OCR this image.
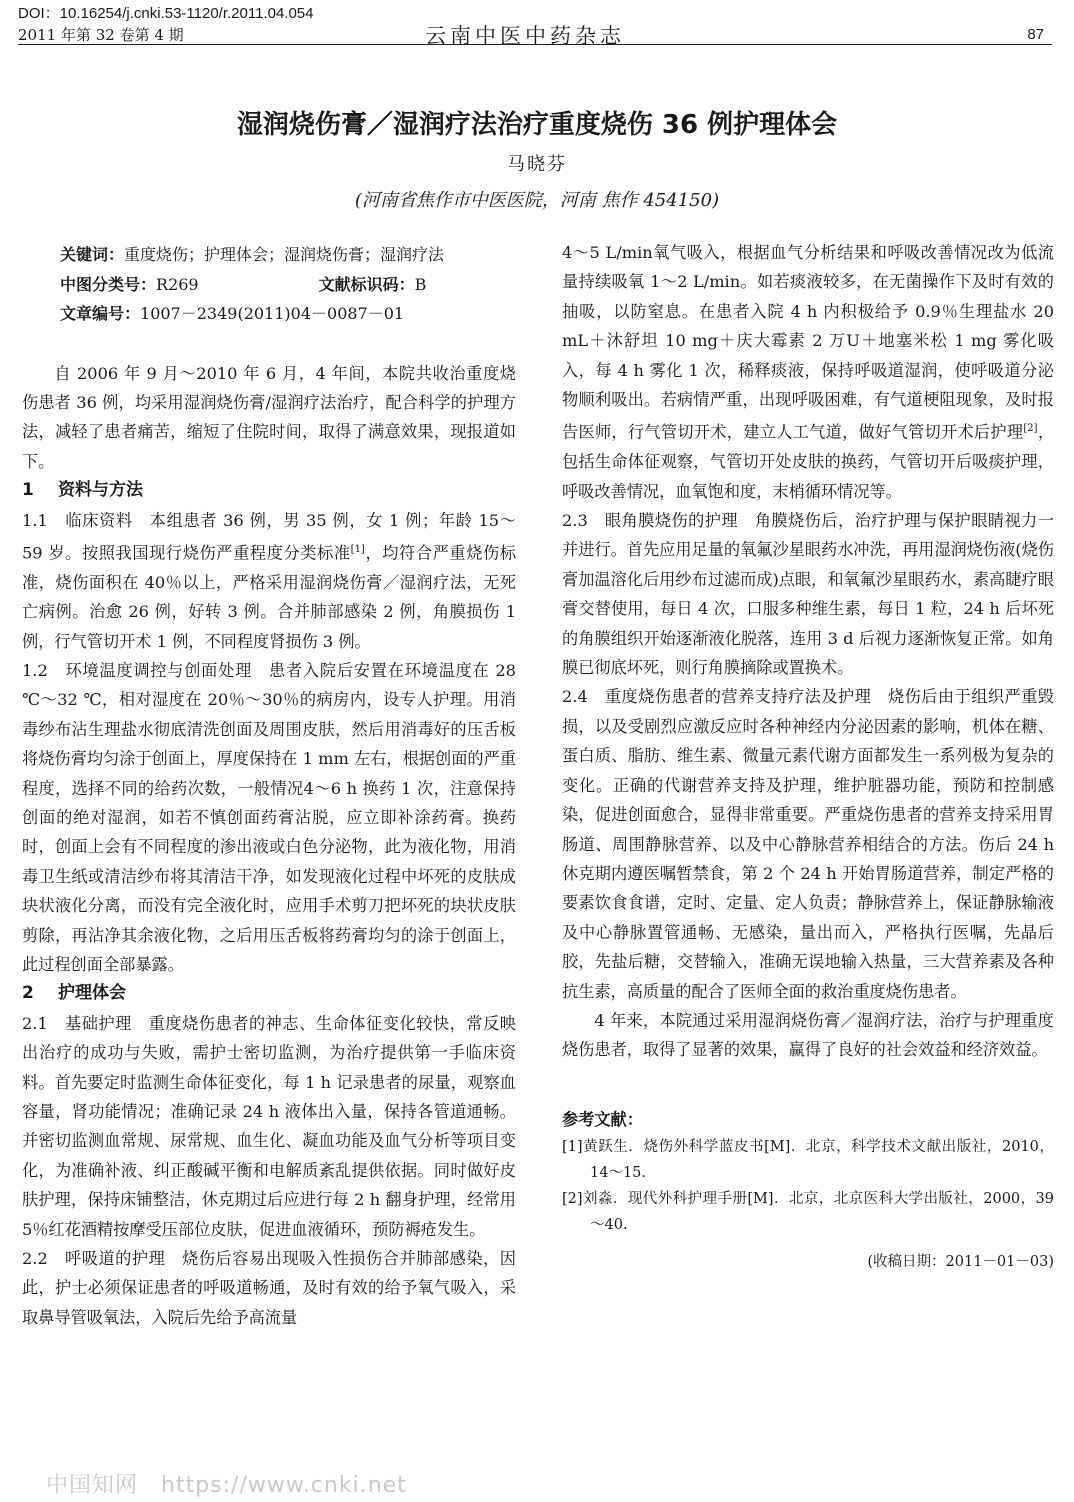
DOI：10.16254/j.cnki.53-1120/r.2011.04.054
2011 年第 32 卷第 4 期	云南中医中药杂志	87
湿润烧伤膏／湿润疗法治疗重度烧伤 36 例护理体会
马晓芬
(河南省焦作市中医医院，河南 焦作 454150)
关键词：重度烧伤；护理体会；湿润烧伤膏；湿润疗法
中图分类号：R269	文献标识码：B
文章编号：1007－2349(2011)04－0087－01

自 2006 年 9 月～2010 年 6 月，4 年间，本院共收治重度烧伤患者 36 例，均采用湿润烧伤膏/湿润疗法治疗，配合科学的护理方法，减轻了患者痛苦，缩短了住院时间，取得了满意效果，现报道如下。

1 资料与方法

1.1　临床资料　本组患者 36 例，男 35 例，女 1 例；年龄 15～59 岁。按照我国现行烧伤严重程度分类标准[1]，均符合严重烧伤标准，烧伤面积在 40％以上，严格采用湿润烧伤膏／湿润疗法，无死亡病例。治愈 26 例，好转 3 例。合并肺部感染 2 例，角膜损伤 1 例，行气管切开术 1 例，不同程度肾损伤 3 例。

1.2　环境温度调控与创面处理　患者入院后安置在环境温度在 28 ℃～32 ℃，相对湿度在 20％～30％的病房内，设专人护理。用消毒纱布沾生理盐水彻底清洗创面及周围皮肤，然后用消毒好的压舌板将烧伤膏均匀涂于创面上，厚度保持在 1 mm 左右，根据创面的严重程度，选择不同的给药次数，一般情况4～6 h 换药 1 次，注意保持创面的绝对湿润，如若不慎创面药膏沾脱，应立即补涂药膏。换药时，创面上会有不同程度的渗出液或白色分泌物，此为液化物，用消毒卫生纸或清洁纱布将其清洁干净，如发现液化过程中坏死的皮肤成块状液化分离，而没有完全液化时，应用手术剪刀把坏死的块状皮肤剪除，再沾净其余液化物，之后用压舌板将药膏均匀的涂于创面上，此过程创面全部暴露。

2 护理体会

2.1　基础护理　重度烧伤患者的神志、生命体征变化较快，常反映出治疗的成功与失败，需护士密切监测，为治疗提供第一手临床资料。首先要定时监测生命体征变化，每 1 h 记录患者的尿量，观察血容量，肾功能情况；准确记录 24 h 液体出入量，保持各管道通畅。并密切监测血常规、尿常规、血生化、凝血功能及血气分析等项目变化，为准确补液、纠正酸碱平衡和电解质紊乱提供依据。同时做好皮肤护理，保持床铺整洁，休克期过后应进行每 2 h 翻身护理，经常用 5％红花酒精按摩受压部位皮肤，促进血液循环，预防褥疮发生。

2.2　呼吸道的护理　烧伤后容易出现吸入性损伤合并肺部感染，因此，护士必须保证患者的呼吸道畅通，及时有效的给予氧气吸入，采取鼻导管吸氧法，入院后先给予高流量

4～5 L/min氧气吸入，根据血气分析结果和呼吸改善情况改为低流量持续吸氧 1～2 L/min。如若痰液较多，在无菌操作下及时有效的抽吸，以防窒息。在患者入院 4 h 内积极给予 0.9％生理盐水 20 mL＋沐舒坦 10 mg＋庆大霉素 2 万U＋地塞米松 1 mg 雾化吸入，每 4 h 雾化 1 次，稀释痰液，保持呼吸道湿润，使呼吸道分泌物顺利吸出。若病情严重，出现呼吸困难，有气道梗阻现象，及时报告医师，行气管切开术，建立人工气道，做好气管切开术后护理[2]，包括生命体征观察，气管切开处皮肤的换药，气管切开后吸痰护理，呼吸改善情况，血氧饱和度，末梢循环情况等。

2.3　眼角膜烧伤的护理　角膜烧伤后，治疗护理与保护眼睛视力一并进行。首先应用足量的氧氟沙星眼药水冲洗，再用湿润烧伤液(烧伤膏加温溶化后用纱布过滤而成)点眼，和氧氟沙星眼药水，素高睫疗眼膏交替使用，每日 4 次，口服多种维生素，每日 1 粒，24 h 后坏死的角膜组织开始逐渐液化脱落，连用 3 d 后视力逐渐恢复正常。如角膜已彻底坏死，则行角膜摘除或置换术。

2.4　重度烧伤患者的营养支持疗法及护理　烧伤后由于组织严重毁损，以及受剧烈应激反应时各种神经内分泌因素的影响，机体在糖、蛋白质、脂肪、维生素、微量元素代谢方面都发生一系列极为复杂的变化。正确的代谢营养支持及护理，维护脏器功能，预防和控制感染，促进创面愈合，显得非常重要。严重烧伤患者的营养支持采用胃肠道、周围静脉营养、以及中心静脉营养相结合的方法。伤后 24 h 休克期内遵医嘱暂禁食，第 2 个 24 h 开始胃肠道营养，制定严格的要素饮食食谱，定时、定量、定人负责；静脉营养上，保证静脉输液及中心静脉置管通畅、无感染，量出而入，严格执行医嘱，先晶后胶，先盐后糖，交替输入，准确无误地输入热量，三大营养素及各种抗生素，高质量的配合了医师全面的救治重度烧伤患者。

4 年来，本院通过采用湿润烧伤膏／湿润疗法，治疗与护理重度烧伤患者，取得了显著的效果，赢得了良好的社会效益和经济效益。

参考文献：
[1]黄跃生．烧伤外科学蓝皮书[M]．北京，科学技术文献出版社，2010，14～15.
[2]刘淼．现代外科护理手册[M]．北京，北京医科大学出版社，2000，39～40.
(收稿日期：2011－01－03)
中国知网　https://www.cnki.net
